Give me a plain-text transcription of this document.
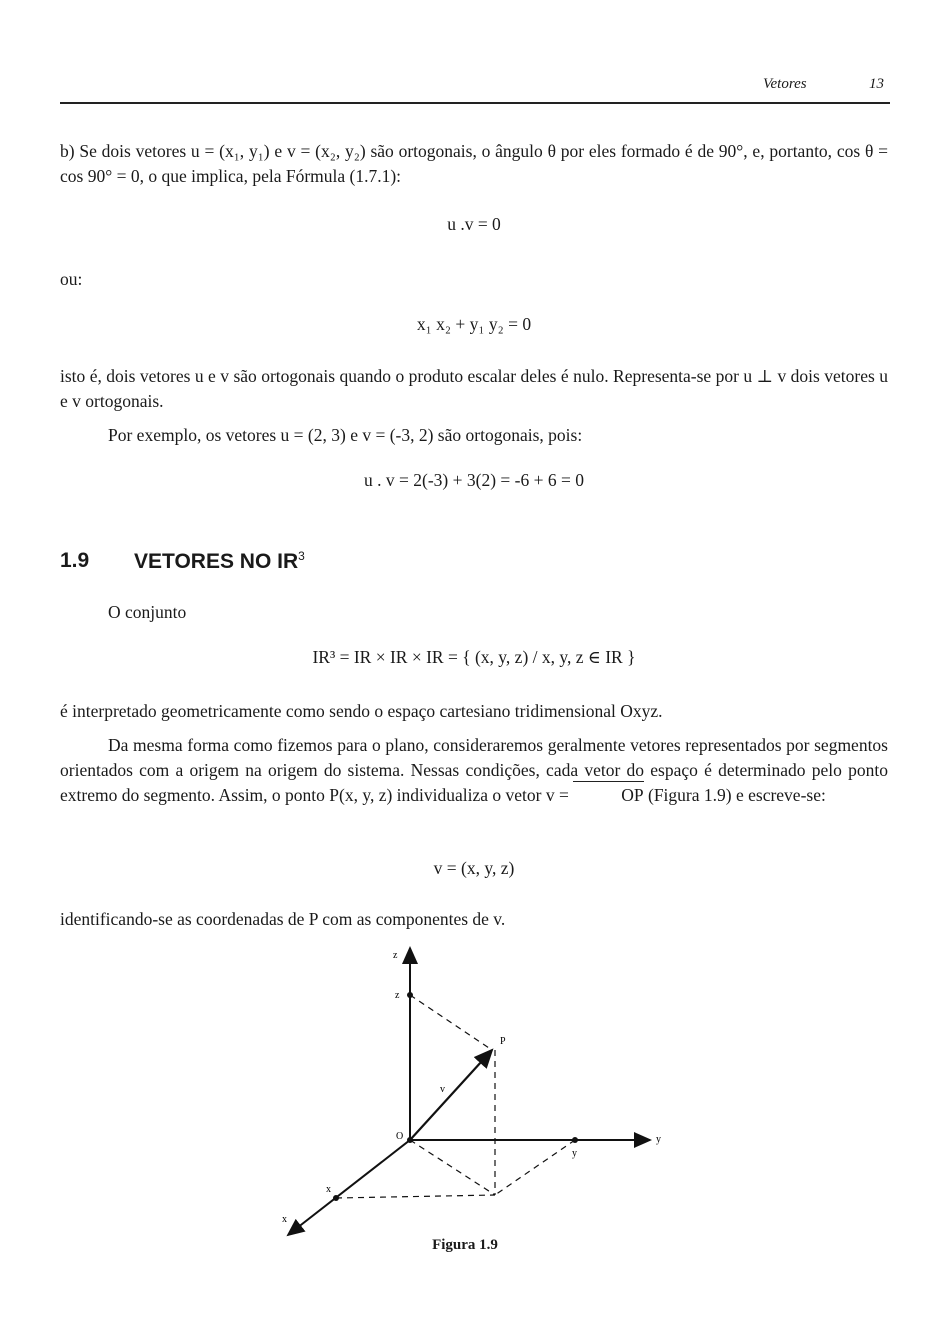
Vetores	13

b) Se dois vetores u = (x₁, y₁) e v = (x₂, y₂) são ortogonais, o ângulo θ por eles formado é de 90°, e, portanto, cos θ = cos 90° = 0, o que implica, pela Fórmula (1.7.1):

u .v = 0
ou:
x₁ x₂ + y₁ y₂ = 0

isto é, dois vetores u e v são ortogonais quando o produto escalar deles é nulo. Representa-se por u ⊥ v dois vetores u e v ortogonais.

Por exemplo, os vetores u = (2, 3) e v = (-3, 2) são ortogonais, pois:

u . v = 2(-3) + 3(2) = -6 + 6 = 0
1.9 VETORES NO $IR^3$

O conjunto

IR³ = IR × IR × IR = { (x, y, z) / x, y, z ∈ IR }

é interpretado geometricamente como sendo o espaço cartesiano tridimensional Oxyz.

Da mesma forma como fizemos para o plano, consideraremos geralmente vetores representados por segmentos orientados com a origem na origem do sistema. Nessas condições, cada vetor do espaço é determinado pelo ponto extremo do segmento. Assim, o ponto P(x, y, z) individualiza o vetor v =	OP (Figura 1.9) e escreve-se:

v = (x, y, z)

identificando-se as coordenadas de P com as componentes de v.

z
z
P
v
O	y
y
x
x
Figura 1.9
